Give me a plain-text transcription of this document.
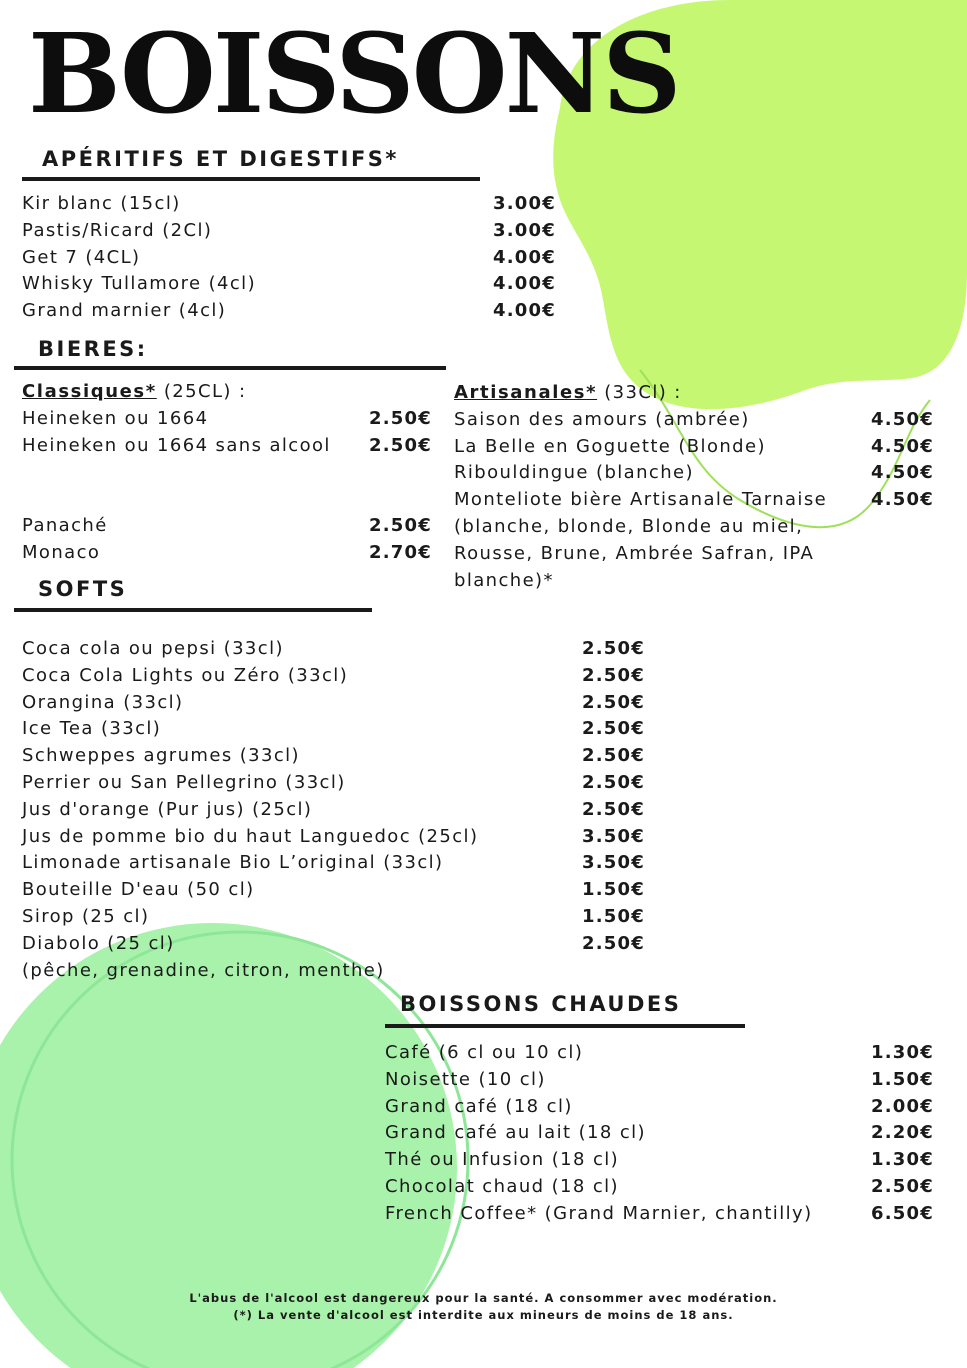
BOISSONS
APÉRITIFS ET DIGESTIFS*
Kir blanc (15cl)	3.00€
Pastis/Ricard (2Cl)	3.00€
Get 7 (4CL)	4.00€
Whisky Tullamore (4cl)	4.00€
Grand marnier (4cl)	4.00€
BIERES:
Classiques* (25CL) :
Heineken ou 1664	2.50€
Heineken ou 1664 sans alcool 2.50€
Panaché	2.50€
Monaco	2.70€
Artisanales* (33Cl) :
Saison des amours (ambrée)	4.50€
La Belle en Goguette (Blonde)	4.50€
Ribouldingue (blanche)	4.50€
Monteliote bière Artisanale Tarnaise 4.50€
(blanche, blonde, Blonde au miel,
Rousse, Brune, Ambrée Safran, IPA
blanche)*
SOFTS
Coca cola ou pepsi (33cl)	2.50€
Coca Cola Lights ou Zéro (33cl)	2.50€
Orangina (33cl)	2.50€
Ice Tea (33cl)	2.50€
Schweppes agrumes (33cl)	2.50€
Perrier ou San Pellegrino (33cl)	2.50€
Jus d'orange (Pur jus) (25cl)	2.50€
Jus de pomme bio du haut Languedoc (25cl)	3.50€
Limonade artisanale Bio L’original (33cl)	3.50€
Bouteille D'eau (50 cl)	1.50€
Sirop (25 cl)	1.50€
Diabolo (25 cl)	2.50€
(pêche, grenadine, citron, menthe)
BOISSONS CHAUDES
Café (6 cl ou 10 cl)	1.30€
Noisette (10 cl)	1.50€
Grand café (18 cl)	2.00€
Grand café au lait (18 cl)	2.20€
Thé ou Infusion (18 cl)	1.30€
Chocolat chaud (18 cl)	2.50€
French Coffee* (Grand Marnier, chantilly)	6.50€
L'abus de l'alcool est dangereux pour la santé. A consommer avec modération.
(*) La vente d'alcool est interdite aux mineurs de moins de 18 ans.
